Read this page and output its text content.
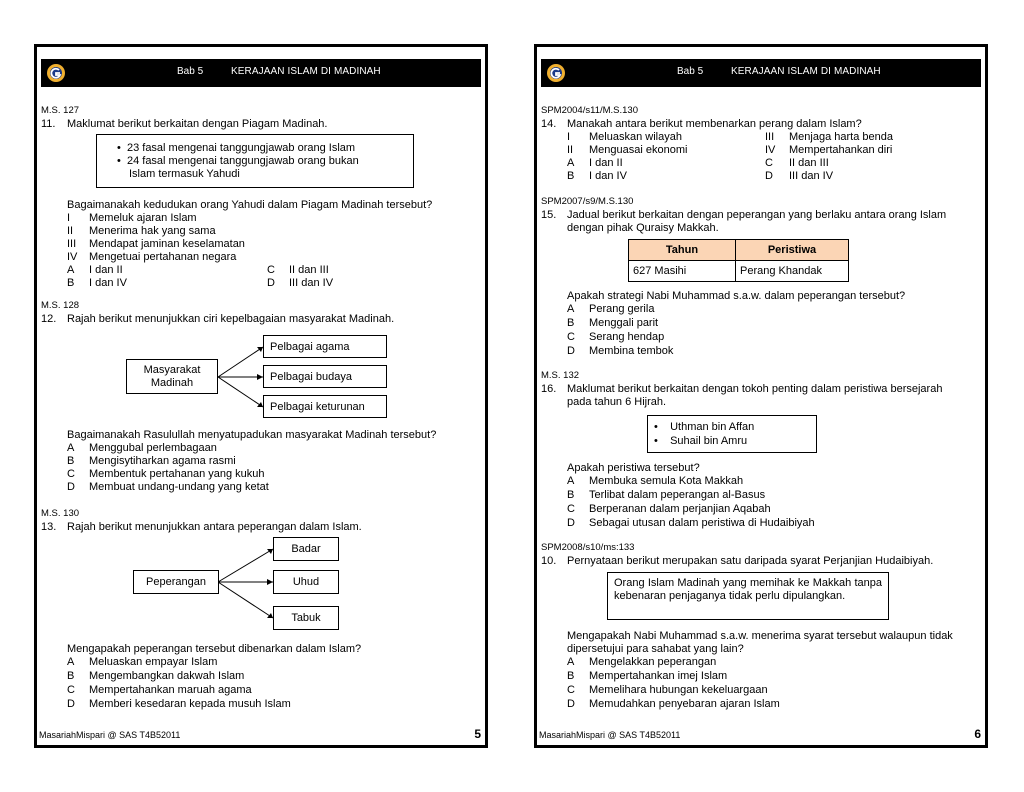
Bab 5	KERAJAAN ISLAM DI MADINAH
M.S. 127
11. Maklumat berikut berkaitan dengan Piagam Madinah.
•  23 fasal mengenai tanggungjawab orang Islam
•  24 fasal mengenai tanggungjawab orang bukan
Islam termasuk Yahudi
Bagaimanakah kedudukan orang Yahudi dalam Piagam Madinah tersebut?
I Memeluk ajaran Islam
II Menerima hak yang sama
III Mendapat jaminan keselamatan
IV Mengetuai pertahanan negara
A I dan II	C II dan III
B I dan IV	D III dan IV
M.S. 128
12. Rajah berikut menunjukkan ciri kepelbagaian masyarakat Madinah.
Masyarakat
Madinah
Pelbagai agama
Pelbagai budaya
Pelbagai keturunan
Bagaimanakah Rasulullah menyatupadukan masyarakat Madinah tersebut?
A Menggubal perlembagaan
B Mengisytiharkan agama rasmi
C Membentuk pertahanan yang kukuh
D Membuat undang-undang yang ketat
M.S. 130
13. Rajah berikut menunjukkan antara peperangan dalam Islam.
Peperangan
Badar
Uhud
Tabuk
Mengapakah peperangan tersebut dibenarkan dalam Islam?
A Meluaskan empayar Islam
B Mengembangkan dakwah Islam
C Mempertahankan maruah agama
D Memberi kesedaran kepada musuh Islam
MasariahMispari @ SAS T4B52011	5
Bab 5	KERAJAAN ISLAM DI MADINAH
SPM2004/s11/M.S.130
14. Manakah antara berikut membenarkan perang dalam Islam?
I Meluaskan wilayah	III Menjaga harta benda
II Menguasai ekonomi	IV Mempertahankan diri
A I dan II	C II dan III
B I dan IV	D III dan IV
SPM2007/s9/M.S.130
15. Jadual berikut berkaitan dengan peperangan yang berlaku antara orang Islam
dengan pihak Quraisy Makkah.
Tahun	Peristiwa
627 Masihi	Perang Khandak
Apakah strategi Nabi Muhammad s.a.w. dalam peperangan tersebut?
A Perang gerila
B Menggali parit
C Serang hendap
D Membina tembok
M.S. 132
16. Maklumat berikut berkaitan dengan tokoh penting dalam peristiwa bersejarah
pada tahun 6 Hijrah.
•    Uthman bin Affan
•    Suhail bin Amru
Apakah peristiwa tersebut?
A Membuka semula Kota Makkah
B Terlibat dalam peperangan al-Basus
C Berperanan dalam perjanjian Aqabah
D Sebagai utusan dalam peristiwa di Hudaibiyah
SPM2008/s10/ms:133
10. Pernyataan berikut merupakan satu daripada syarat Perjanjian Hudaibiyah.
Orang Islam Madinah yang memihak ke Makkah tanpa kebenaran penjaganya tidak perlu dipulangkan.
Mengapakah Nabi Muhammad s.a.w. menerima syarat tersebut walaupun tidak
dipersetujui para sahabat yang lain?
A Mengelakkan peperangan
B Mempertahankan imej Islam
C Memelihara hubungan kekeluargaan
D Memudahkan penyebaran ajaran Islam
MasariahMispari @ SAS T4B52011	6
